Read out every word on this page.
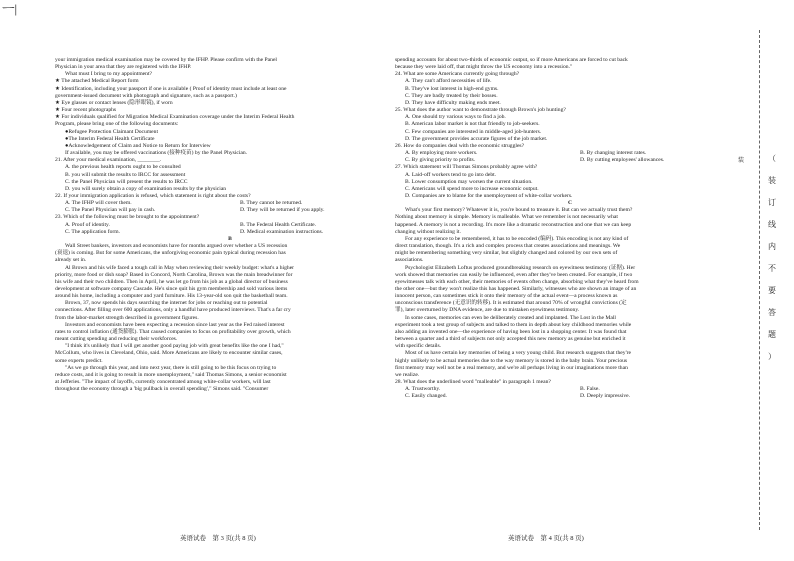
ㅡ|

your immigration medical examination may be covered by the IFHP. Please confirm with the Panel

Physician in your area that they are registered with the IFHP.

What must I bring to my appointment?

★ The attached Medical Report form

★ Identification, including your passport if one is available ( Proof of identity must include at least one

government-issued document with photograph and signature, such as a passport.)

★ Eye glasses or contact lenses (隐形眼镜), if worn

★ Four recent photographs

★ For individuals qualified for Migration Medical Examination coverage under the Interim Federal Health

Program, please bring one of the following documents:

●Refugee Protection Claimant Document

●The Interim Federal Health Certificate

●Acknowledgement of Claim and Notice to Return for Interview

If available, you may be offered vaccinations (接种疫苗) by the Panel Physician.

21. After your medical examination, ________.

A. the previous health reports ought to be consulted

B. you will submit the results to IRCC for assessment

C. the Panel Physician will present the results to IRCC

D. you will surely obtain a copy of examination results by the physician

22. If your immigration application is refused, which statement is right about the costs?

A. The IFHP will cover them.	B. They cannot be returned.

C. The Panel Physician will pay in cash.	D. They will be returned if you apply.

23. Which of the following must be brought to the appointment?

A. Proof of identity.	B. The Federal Health Certificate.

C. The application form.	D. Medical examination instructions.

B

Wall Street bankers, investors and economists have for months argued over whether a US recession

(衰退) is coming. But for some Americans, the unforgiving economic pain typical during recession has

already set in.

Al Brown and his wife faced a tough call in May when reviewing their weekly budget: what's a higher

priority, more food or dish soap? Based in Concord, North Carolina, Brown was the main breadwinner for

his wife and their two children. Then in April, he was let go from his job as a global director of business

development at software company Cascade. He's since quit his gym membership and sold various items

around his home, including a computer and yard furniture. His 13-year-old son quit the basketball team.

Brown, 37, now spends his days searching the internet for jobs or reaching out to potential

connections. After filling over 600 applications, only a handful have produced interviews. That's a far cry

from the labor-market strength described in government figures.

Investors and economists have been expecting a recession since last year as the Fed raised interest

rates to control inflation (通货膨胀). That caused companies to focus on profitability over growth, which

meant cutting spending and reducing their workforces.

"I think it's unlikely that I will get another good paying job with great benefits like the one I had,"

McCollum, who lives in Cleveland, Ohio, said. More Americans are likely to encounter similar cases,

some experts predict.

"As we go through this year, and into next year, there is still going to be this focus on trying to

reduce costs, and it is going to result in more unemployment," said Thomas Simons, a senior economist

at Jefferies. "The impact of layoffs, currently concentrated among white-collar workers, will last

throughout the economy through a 'big pullback in overall spending'," Simons said. "Consumer

spending accounts for about two-thirds of economic output, so if more Americans are forced to cut back

because they were laid off, that might throw the US economy into a recession."

24. What are some Americans currently going through?

A. They can't afford necessities of life.

B. They've lost interest in high-end gyms.

C. They are badly treated by their bosses.

D. They have difficulty making ends meet.

25. What does the author want to demonstrate through Brown's job hunting?

A. One should try various ways to find a job.

B. American labor market is not that friendly to job-seekers.

C. Few companies are interested in middle-aged job-hunters.

D. The government provides accurate figures of the job market.

26. How do companies deal with the economic struggles?

A. By employing more workers.	B. By changing interest rates.

C. By giving priority to profits.	D. By cutting employees' allowances.

27. Which statement will Thomas Simons probably agree with?

A. Laid-off workers tend to go into debt.

B. Lower consumption may worsen the current situation.

C. Americans will spend more to increase economic output.

D. Companies are to blame for the unemployment of white-collar workers.

C

What's your first memory? Whatever it is, you're bound to treasure it. But can we actually trust them?

Nothing about memory is simple. Memory is malleable. What we remember is not necessarily what

happened. A memory is not a recording. It's more like a dramatic reconstruction and one that we can keep

changing without realizing it.

For any experience to be remembered, it has to be encoded (编码). This encoding is not any kind of

direct translation, though. It's a rich and complex process that creates associations and meanings. We

might be remembering something very similar, but slightly changed and colored by our own sets of

associations.

Psychologist Elizabeth Loftus produced groundbreaking research on eyewitness testimony (证据). Her

work showed that memories can easily be influenced, even after they've been created. For example, if two

eyewitnesses talk with each other, their memories of events often change, absorbing what they've heard from

the other one—but they won't realize this has happened. Similarly, witnesses who are shown an image of an

innocent person, can sometimes stick it onto their memory of the actual event—a process known as

unconscious transference (无意识的转移). It is estimated that around 70% of wrongful convictions (定

罪), later overturned by DNA evidence, are due to mistaken eyewitness testimony.

In some cases, memories can even be deliberately created and implanted. The Lost in the Mall

experiment took a test group of subjects and talked to them in depth about key childhood memories while

also adding an invented one—the experience of having been lost in a shopping center. It was found that

between a quarter and a third of subjects not only accepted this new memory as genuine but enriched it

with specific details.

Most of us have certain key memories of being a very young child. But research suggests that they're

highly unlikely to be actual memories due to the way memory is stored in the baby brain. Your precious

first memory may well not be a real memory, and we're all perhaps living in our imaginations more than

we realize.

28. What does the underlined word "malleable" in paragraph 1 mean?

A. Trustworthy.	B. False.

C. Easily changed.	D. Deeply impressive.

英语试卷　第 3 页(共 8 页)	英语试卷　第 4 页(共 8 页)
装	（
装
订
线
内
不
要
答
题
）
